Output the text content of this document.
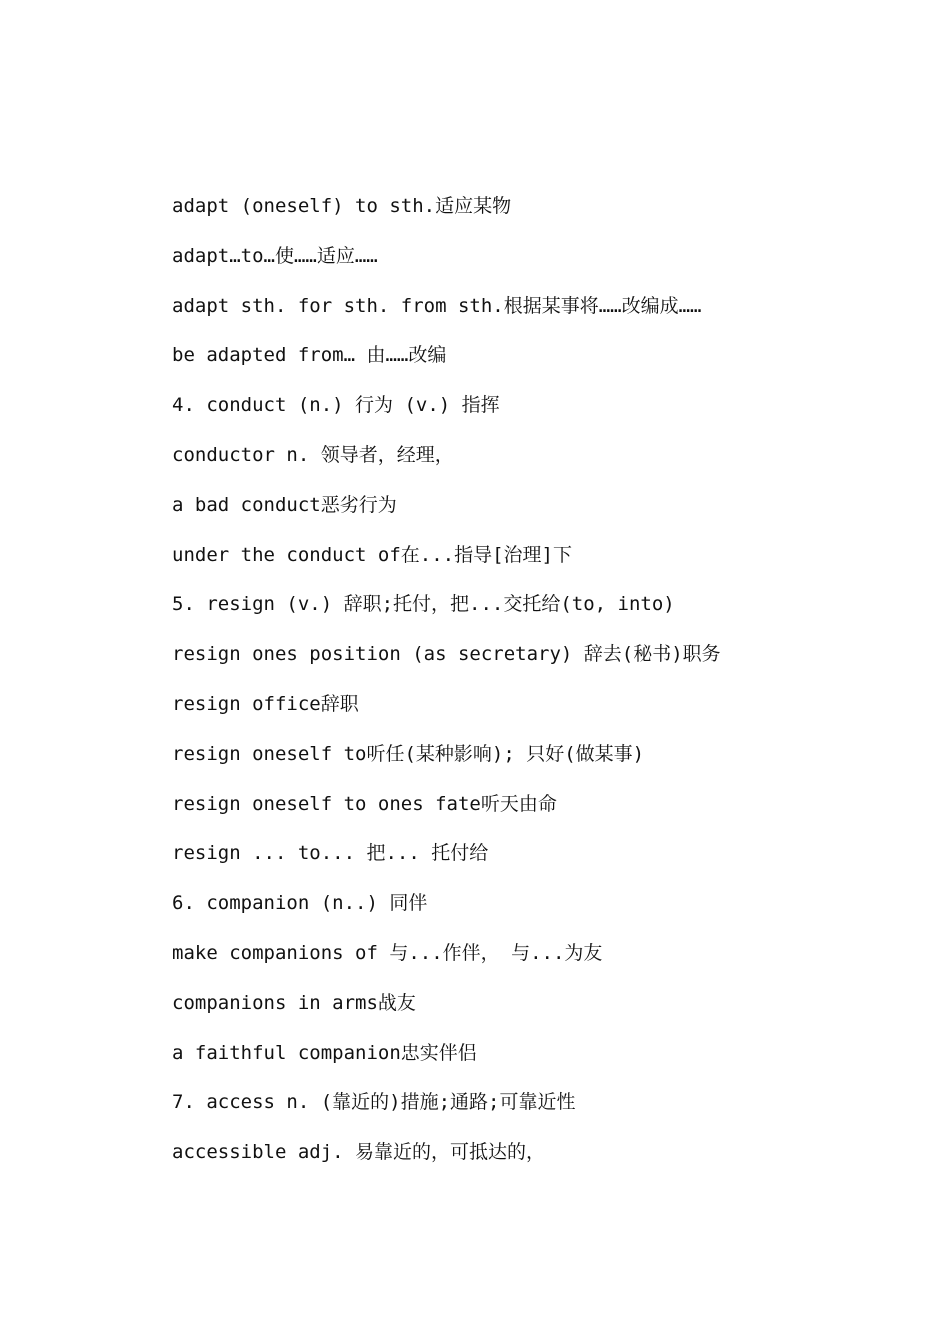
adapt (oneself) to sth.适应某物
adapt…to…使……适应……
adapt sth. for sth. from sth.根据某事将……改编成……
be adapted from… 由……改编
4. conduct (n.) 行为 (v.) 指挥
conductor n. 领导者，经理，
a bad conduct恶劣行为
under the conduct of在...指导[治理]下
5. resign (v.) 辞职;托付，把...交托给(to, into)
resign ones position (as secretary) 辞去(秘书)职务
resign office辞职
resign oneself to听任(某种影响); 只好(做某事)
resign oneself to ones fate听天由命
resign ... to... 把... 托付给
6. companion (n..) 同伴
make companions of 与...作伴， 与...为友
companions in arms战友
a faithful companion忠实伴侣
7. access n. (靠近的)措施;通路;可靠近性
accessible adj. 易靠近的，可抵达的，
